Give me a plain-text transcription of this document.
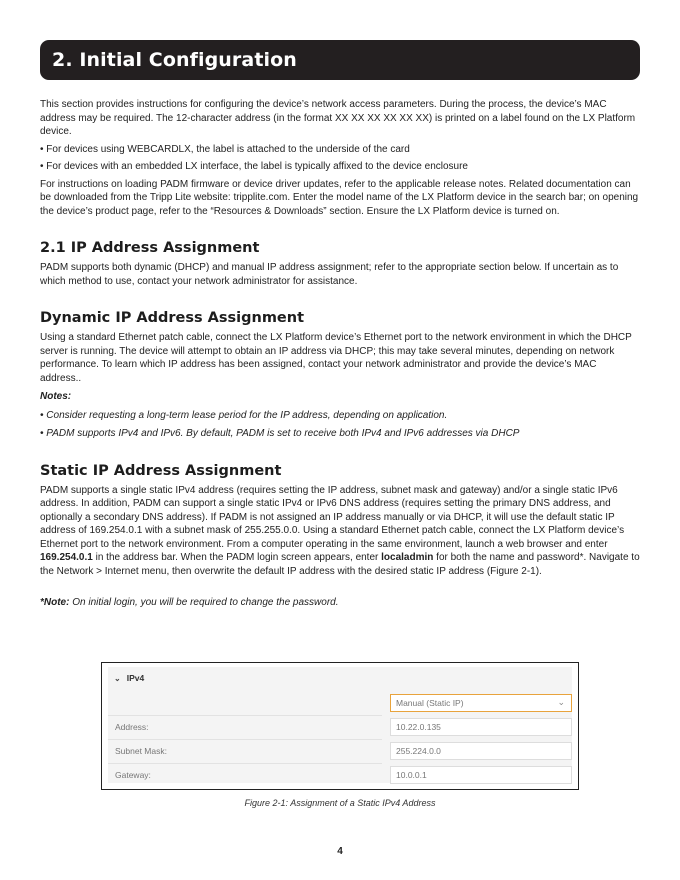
2. Initial Configuration

This section provides instructions for configuring the device’s network access parameters. During the process, the device’s MAC address may be required. The 12-character address (in the format XX XX XX XX XX XX) is printed on a label found on the LX Platform device.

• For devices using WEBCARDLX, the label is attached to the underside of the card

• For devices with an embedded LX interface, the label is typically affixed to the device enclosure

For instructions on loading PADM firmware or device driver updates, refer to the applicable release notes. Related documentation can be downloaded from the Tripp Lite website: tripplite.com. Enter the model name of the LX Platform device in the search bar; on opening the device’s product page, refer to the “Resources & Downloads” section. Ensure the LX Platform device is turned on.

2.1 IP Address Assignment

PADM supports both dynamic (DHCP) and manual IP address assignment; refer to the appropriate section below. If uncertain as to which method to use, contact your network administrator for assistance.

Dynamic IP Address Assignment

Using a standard Ethernet patch cable, connect the LX Platform device’s Ethernet port to the network environment in which the DHCP server is running. The device will attempt to obtain an IP address via DHCP; this may take several minutes, depending on network performance. To learn which IP address has been assigned, contact your network administrator and provide the device’s MAC address..

Notes:

• Consider requesting a long-term lease period for the IP address, depending on application.

• PADM supports IPv4 and IPv6. By default, PADM is set to receive both IPv4 and IPv6 addresses via DHCP

Static IP Address Assignment

PADM supports a single static IPv4 address (requires setting the IP address, subnet mask and gateway) and/or a single static IPv6 address. In addition, PADM can support a single static IPv4 or IPv6 DNS address (requires setting the primary DNS address, and optionally a secondary DNS address). If PADM is not assigned an IP address manually or via DHCP, it will use the default static IP address of 169.254.0.1 with a subnet mask of 255.255.0.0. Using a standard Ethernet patch cable, connect the LX Platform device’s Ethernet port to the network environment. From a computer operating in the same environment, launch a web browser and enter 169.254.0.1 in the address bar. When the PADM login screen appears, enter localadmin for both the name and password*. Navigate to the Network > Internet menu, then overwrite the default IP address with the desired static IP address (Figure 2-1).

*Note: On initial login, you will be required to change the password.

⌄ IPv4
Manual (Static IP)	⌄
Address:	10.22.0.135
Subnet Mask:	255.224.0.0
Gateway:	10.0.0.1
Figure 2-1: Assignment of a Static IPv4 Address
4
